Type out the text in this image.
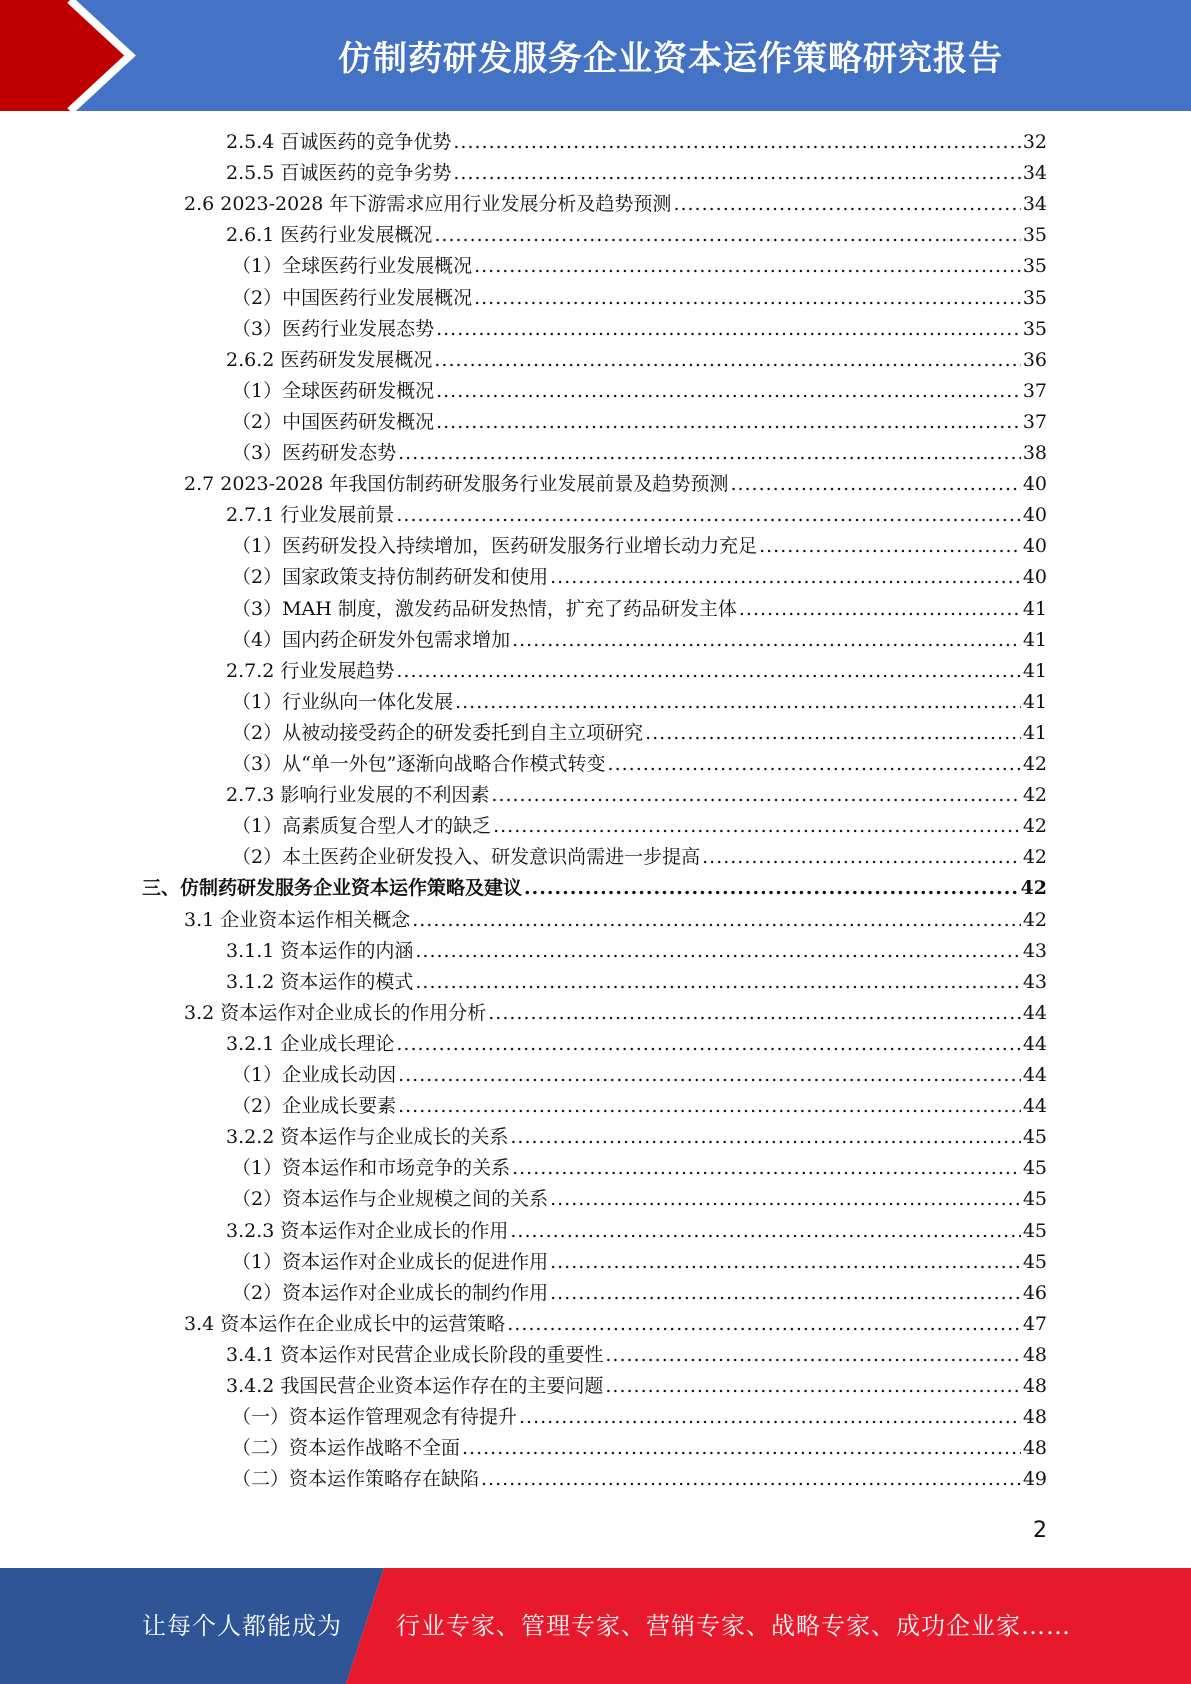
仿制药研发服务企业资本运作策略研究报告
2.5.4 百诚医药的竞争优势 .....	32
2.5.5 百诚医药的竞争劣势 .....	34
2.6 2023-2028 年下游需求应用行业发展分析及趋势预测 .....	34
2.6.1 医药行业发展概况 .....	35
（1）全球医药行业发展概况 .....	35
（2）中国医药行业发展概况 .....	35
（3）医药行业发展态势 .....	35
2.6.2 医药研发发展概况 .....	36
（1）全球医药研发概况 .....	37
（2）中国医药研发概况 .....	37
（3）医药研发态势 .....	38
2.7 2023-2028 年我国仿制药研发服务行业发展前景及趋势预测 .....	40
2.7.1 行业发展前景 .....	40
（1）医药研发投入持续增加，医药研发服务行业增长动力充足 .....	40
（2）国家政策支持仿制药研发和使用 .....	40
（3）MAH 制度，激发药品研发热情，扩充了药品研发主体 .....	41
（4）国内药企研发外包需求增加 .....	41
2.7.2 行业发展趋势 .....	41
（1）行业纵向一体化发展 .....	41
（2）从被动接受药企的研发委托到自主立项研究 .....	41
（3）从“单一外包”逐渐向战略合作模式转变 .....	42
2.7.3 影响行业发展的不利因素 .....	42
（1）高素质复合型人才的缺乏 .....	42
（2）本土医药企业研发投入、研发意识尚需进一步提高 .....	42
三、仿制药研发服务企业资本运作策略及建议 .....	42
3.1 企业资本运作相关概念 .....	42
3.1.1 资本运作的内涵 .....	43
3.1.2 资本运作的模式 .....	43
3.2 资本运作对企业成长的作用分析 .....	44
3.2.1 企业成长理论 .....	44
（1）企业成长动因 .....	44
（2）企业成长要素 .....	44
3.2.2 资本运作与企业成长的关系 .....	45
（1）资本运作和市场竞争的关系 .....	45
（2）资本运作与企业规模之间的关系 .....	45
3.2.3 资本运作对企业成长的作用 .....	45
（1）资本运作对企业成长的促进作用 .....	45
（2）资本运作对企业成长的制约作用 .....	46
3.4 资本运作在企业成长中的运营策略 .....	47
3.4.1 资本运作对民营企业成长阶段的重要性 .....	48
3.4.2 我国民营企业资本运作存在的主要问题 .....	48
（一）资本运作管理观念有待提升 .....	48
（二）资本运作战略不全面 .....	48
（二）资本运作策略存在缺陷 .....	49
2
让每个人都能成为 行业专家、管理专家、营销专家、战略专家、成功企业家……
